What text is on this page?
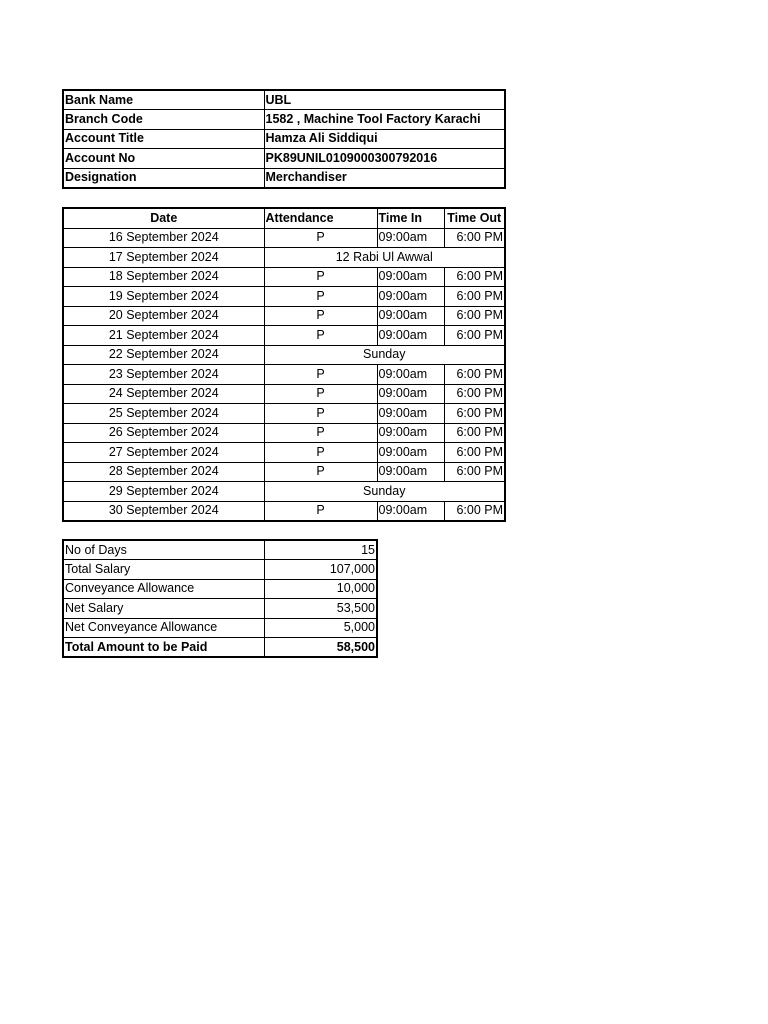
Bank Name	UBL
Branch Code	1582 , Machine Tool Factory Karachi
Account Title	Hamza Ali Siddiqui
Account No	PK89UNIL0109000300792016
Designation	Merchandiser
Date	Attendance	Time In	Time Out
16 September 2024	P	09:00am	6:00 PM
17 September 2024	12 Rabi Ul Awwal		
18 September 2024	P	09:00am	6:00 PM
19 September 2024	P	09:00am	6:00 PM
20 September 2024	P	09:00am	6:00 PM
21 September 2024	P	09:00am	6:00 PM
22 September 2024	Sunday		
23 September 2024	P	09:00am	6:00 PM
24 September 2024	P	09:00am	6:00 PM
25 September 2024	P	09:00am	6:00 PM
26 September 2024	P	09:00am	6:00 PM
27 September 2024	P	09:00am	6:00 PM
28 September 2024	P	09:00am	6:00 PM
29 September 2024	Sunday		
30 September 2024	P	09:00am	6:00 PM
No of Days	15
Total Salary	107,000
Conveyance Allowance	10,000
Net Salary	53,500
Net Conveyance Allowance	5,000
Total Amount to be Paid	58,500
